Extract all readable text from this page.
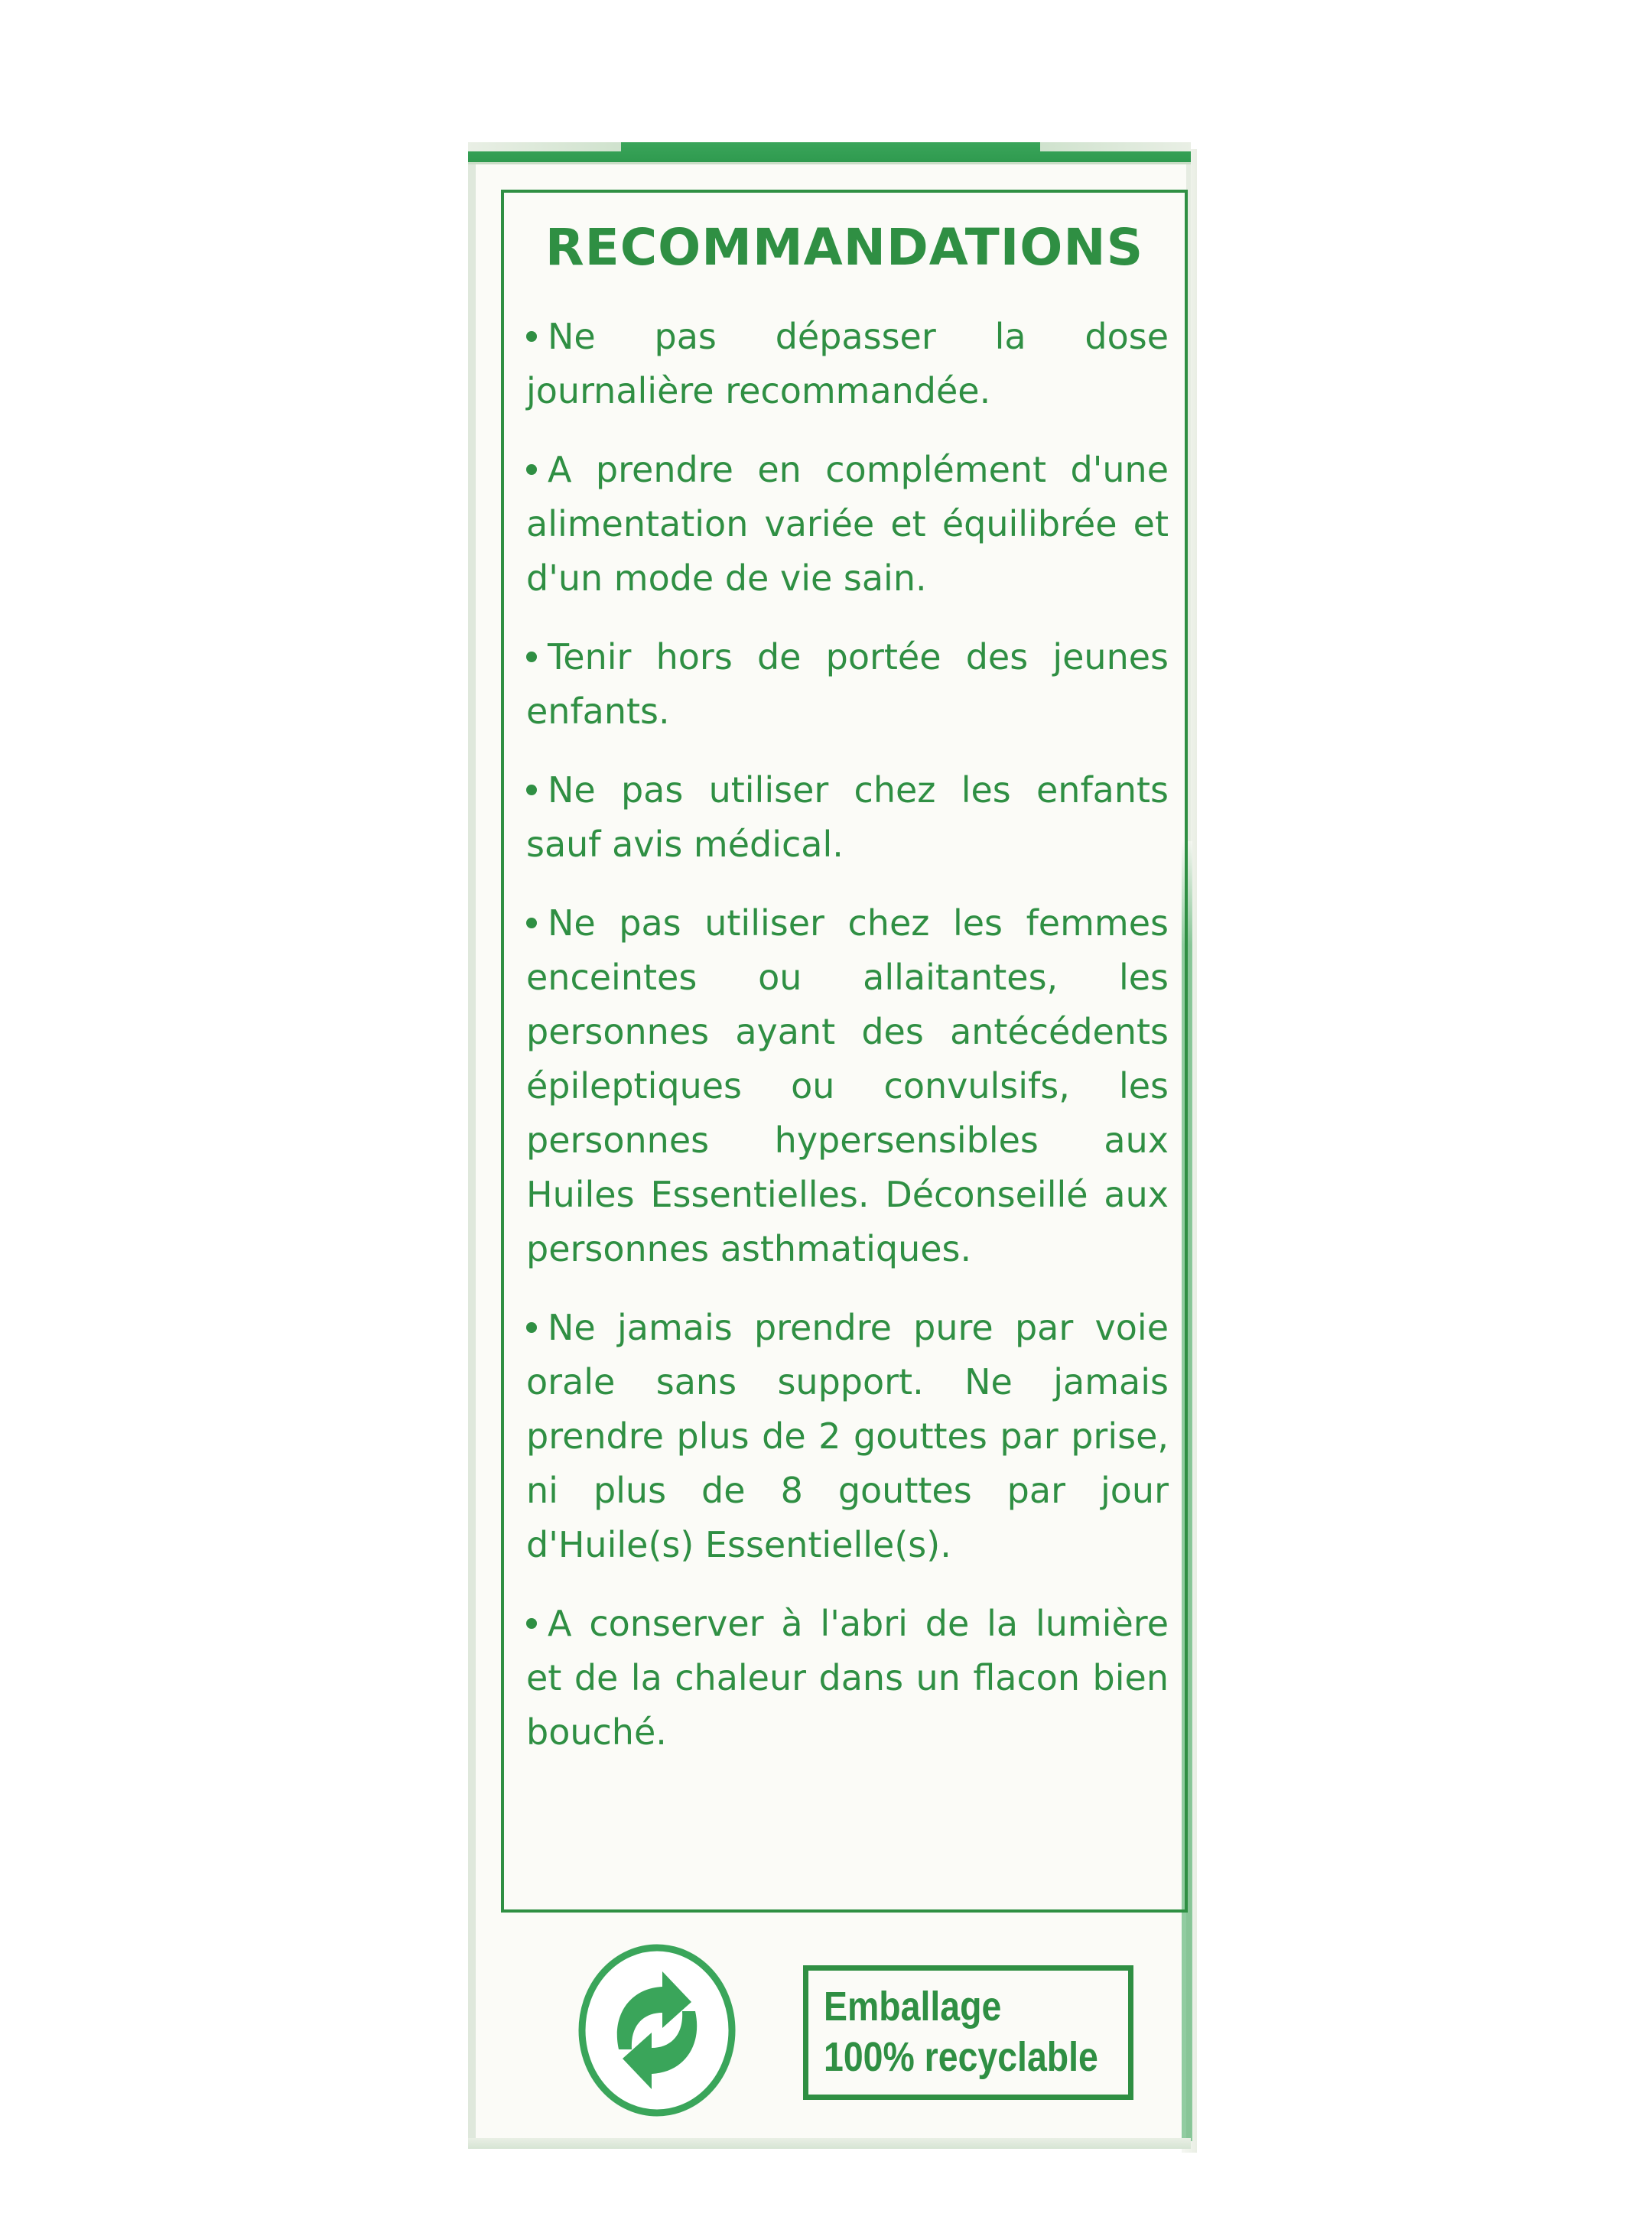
RECOMMANDATIONS
Ne pas dépasser la dose journalière recommandée.
A prendre en complément d'une alimentation variée et équilibrée et d'un mode de vie sain.
Tenir hors de portée des jeunes enfants.
Ne pas utiliser chez les enfants sauf avis médical.
Ne pas utiliser chez les femmes enceintes ou allaitantes, les personnes ayant des antécédents épileptiques ou convulsifs, les personnes hypersensibles aux Huiles Essentielles. Déconseillé aux personnes asthmatiques.
Ne jamais prendre pure par voie orale sans support. Ne jamais prendre plus de 2 gouttes par prise, ni plus de 8 gouttes par jour d'Huile(s) Essentielle(s).
A conserver à l'abri de la lumière et de la chaleur dans un flacon bien bouché.
Emballage
100% recyclable
